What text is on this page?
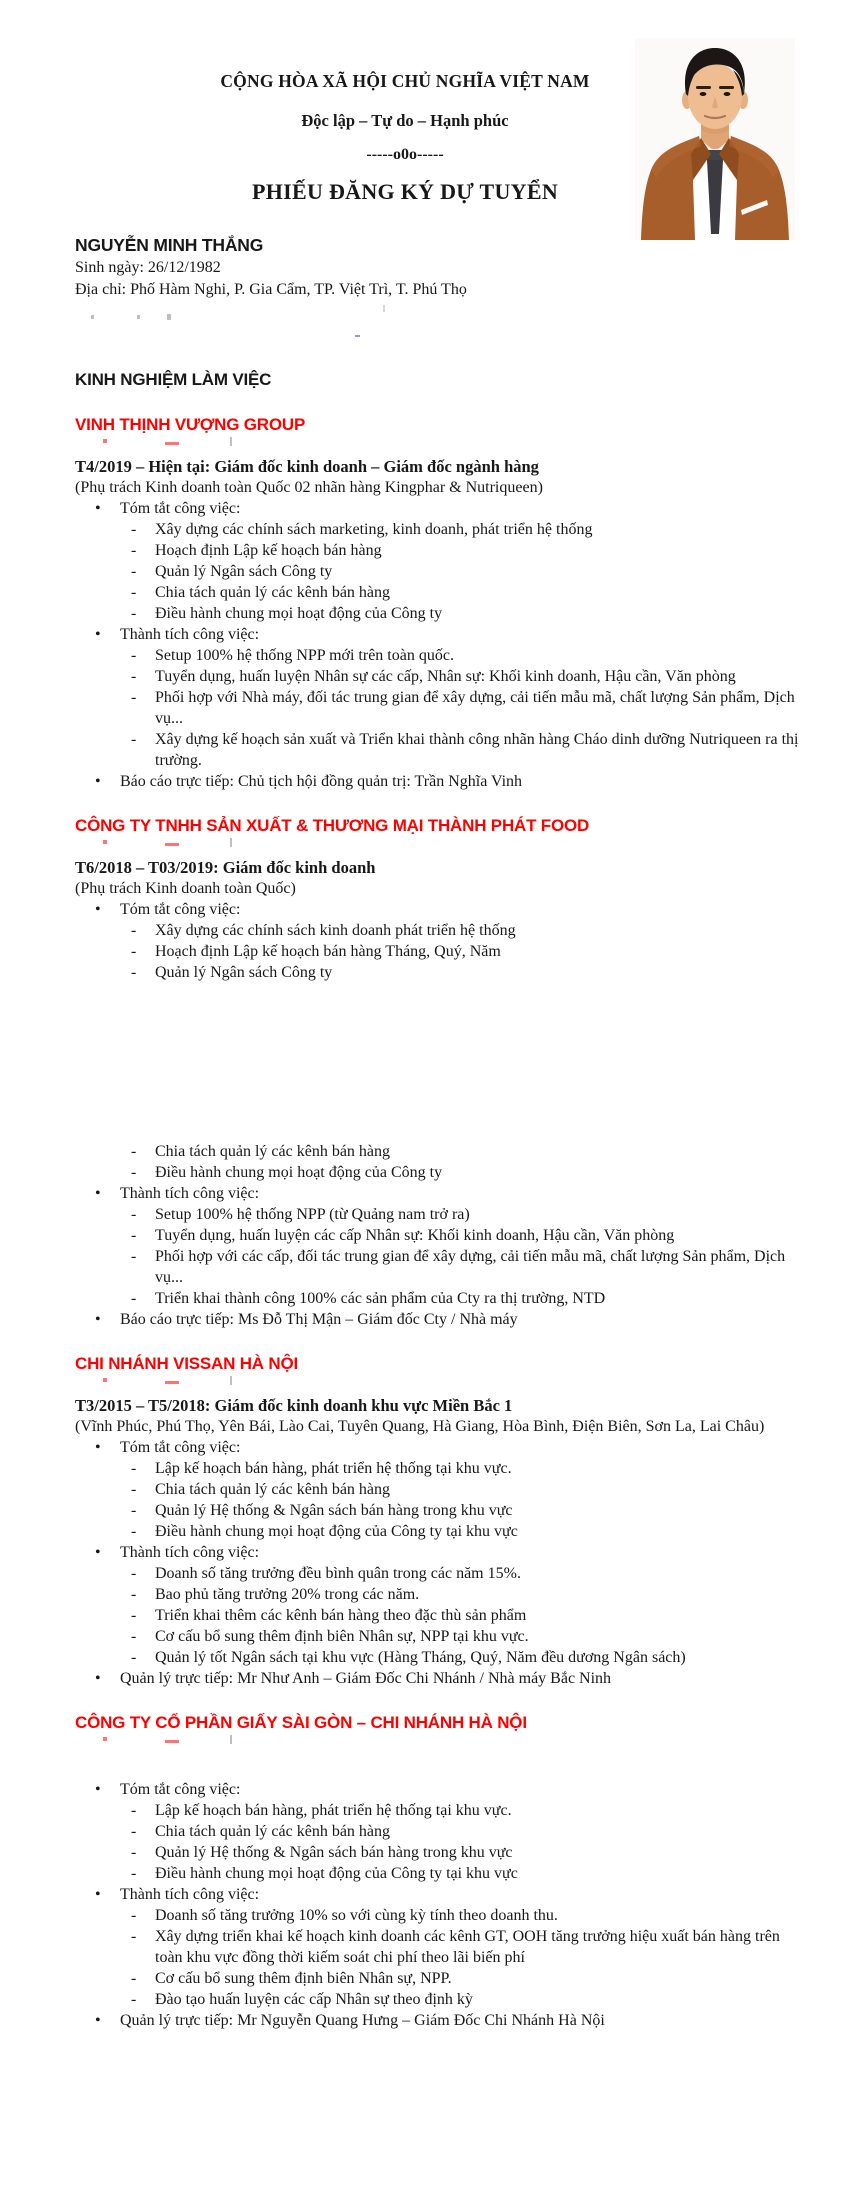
CỘNG HÒA XÃ HỘI CHỦ NGHĨA VIỆT NAM
Độc lập – Tự do – Hạnh phúc
-----o0o-----
PHIẾU ĐĂNG KÝ DỰ TUYỂN
NGUYỄN MINH THẮNG
Sinh ngày: 26/12/1982
Địa chỉ: Phố Hàm Nghi, P. Gia Cẩm, TP. Việt Trì, T. Phú Thọ
KINH NGHIỆM LÀM VIỆC
VINH THỊNH VƯỢNG GROUP
T4/2019 – Hiện tại: Giám đốc kinh doanh – Giám đốc ngành hàng
(Phụ trách Kinh doanh toàn Quốc 02 nhãn hàng Kingphar & Nutriqueen)
•	Tóm tắt công việc:
-	Xây dựng các chính sách marketing, kinh doanh, phát triển hệ thống
-	Hoạch định Lập kế hoạch bán hàng
-	Quản lý Ngân sách Công ty
-	Chia tách quản lý các kênh bán hàng
-	Điều hành chung mọi hoạt động của Công ty
•	Thành tích công việc:
-	Setup 100% hệ thống NPP mới trên toàn quốc.
-	Tuyển dụng, huấn luyện Nhân sự các cấp, Nhân sự: Khối kinh doanh, Hậu cần, Văn phòng
-	Phối hợp với Nhà máy, đối tác trung gian để xây dựng, cải tiến mẫu mã, chất lượng Sản phẩm, Dịch vụ...
-	Xây dựng kế hoạch sản xuất và Triển khai thành công nhãn hàng Cháo dinh dưỡng Nutriqueen ra thị trường.
•	Báo cáo trực tiếp: Chủ tịch hội đồng quản trị: Trần Nghĩa Vinh
CÔNG TY TNHH SẢN XUẤT & THƯƠNG MẠI THÀNH PHÁT FOOD
T6/2018 – T03/2019: Giám đốc kinh doanh
(Phụ trách Kinh doanh toàn Quốc)
•	Tóm tắt công việc:
-	Xây dựng các chính sách kinh doanh phát triển hệ thống
-	Hoạch định Lập kế hoạch bán hàng Tháng, Quý, Năm
-	Quản lý Ngân sách Công ty
-	Chia tách quản lý các kênh bán hàng
-	Điều hành chung mọi hoạt động của Công ty
•	Thành tích công việc:
-	Setup 100% hệ thống NPP (từ Quảng nam trở ra)
-	Tuyển dụng, huấn luyện các cấp Nhân sự: Khối kinh doanh, Hậu cần, Văn phòng
-	Phối hợp với các cấp, đối tác trung gian để xây dựng, cải tiến mẫu mã, chất lượng Sản phẩm, Dịch vụ...
-	Triển khai thành công 100% các sản phẩm của Cty ra thị trường, NTD
•	Báo cáo trực tiếp: Ms Đỗ Thị Mận – Giám đốc Cty / Nhà máy
CHI NHÁNH VISSAN HÀ NỘI
T3/2015 – T5/2018: Giám đốc kinh doanh khu vực Miền Bắc 1
(Vĩnh Phúc, Phú Thọ, Yên Bái, Lào Cai, Tuyên Quang, Hà Giang, Hòa Bình, Điện Biên, Sơn La, Lai Châu)
•	Tóm tắt công việc:
-	Lập kế hoạch bán hàng, phát triển hệ thống tại khu vực.
-	Chia tách quản lý các kênh bán hàng
-	Quản lý Hệ thống & Ngân sách bán hàng trong khu vực
-	Điều hành chung mọi hoạt động của Công ty tại khu vực
•	Thành tích công việc:
-	Doanh số tăng trưởng đều bình quân trong các năm 15%.
-	Bao phủ tăng trưởng 20% trong các năm.
-	Triển khai thêm các kênh bán hàng theo đặc thù sản phẩm
-	Cơ cấu bổ sung thêm định biên Nhân sự, NPP tại khu vực.
-	Quản lý tốt Ngân sách tại khu vực (Hàng Tháng, Quý, Năm đều dương Ngân sách)
•	Quản lý trực tiếp: Mr Như Anh – Giám Đốc Chi Nhánh / Nhà máy Bắc Ninh
CÔNG TY CỔ PHẦN GIẤY SÀI GÒN – CHI NHÁNH HÀ NỘI
•	Tóm tắt công việc:
-	Lập kế hoạch bán hàng, phát triển hệ thống tại khu vực.
-	Chia tách quản lý các kênh bán hàng
-	Quản lý Hệ thống & Ngân sách bán hàng trong khu vực
-	Điều hành chung mọi hoạt động của Công ty tại khu vực
•	Thành tích công việc:
-	Doanh số tăng trưởng 10% so với cùng kỳ tính theo doanh thu.
-	Xây dựng triển khai kế hoạch kinh doanh các kênh GT, OOH tăng trưởng hiệu xuất bán hàng trên toàn khu vực đồng thời kiếm soát chi phí theo lãi biến phí
-	Cơ cấu bổ sung thêm định biên Nhân sự, NPP.
-	Đào tạo huấn luyện các cấp Nhân sự theo định kỳ
•	Quản lý trực tiếp: Mr Nguyễn Quang Hưng – Giám Đốc Chi Nhánh Hà Nội
